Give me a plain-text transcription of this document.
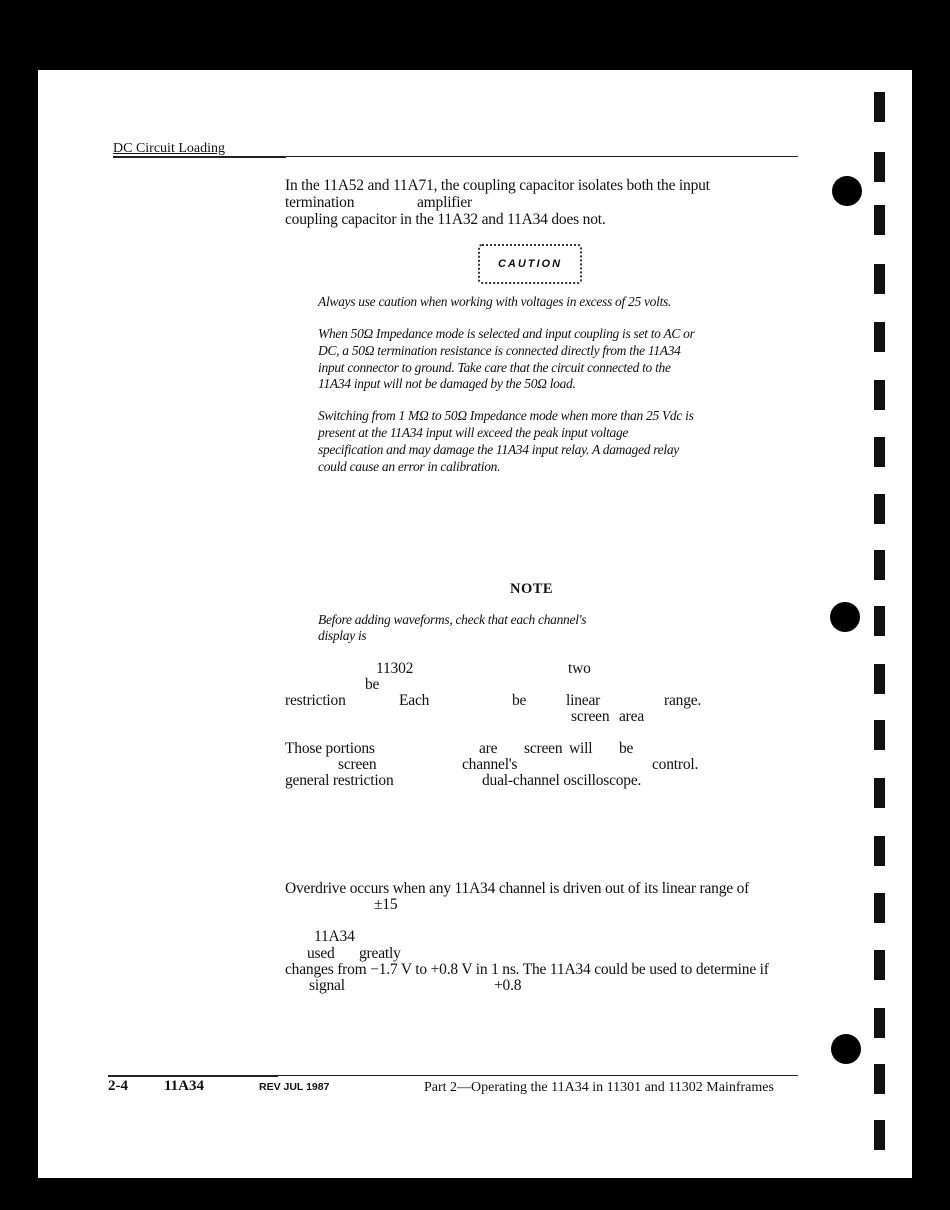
DC Circuit Loading
In the 11A52 and 11A71, the coupling capacitor isolates both the input
termination	amplifier
coupling capacitor in the 11A32 and 11A34 does not.
CAUTION
Always use caution when working with voltages in excess of 25 volts.
When 50Ω Impedance mode is selected and input coupling is set to AC or
DC, a 50Ω termination resistance is connected directly from the 11A34
input connector to ground. Take care that the circuit connected to the
11A34 input will not be damaged by the 50Ω load.
Switching from 1 MΩ to 50Ω Impedance mode when more than 25 Vdc is
present at the 11A34 input will exceed the peak input voltage
specification and may damage the 11A34 input relay. A damaged relay
could cause an error in calibration.
NOTE
Before adding waveforms, check that each channel's
display is
11302	two
be
restriction	Each	be	linear	range.
screen area
Those portions	are screen will be
screen	channel's	control.
general restriction	dual-channel oscilloscope.
Overdrive occurs when any 11A34 channel is driven out of its linear range of
±15
11A34
used greatly
changes from −1.7 V to +0.8 V in 1 ns. The 11A34 could be used to determine if
signal	+0.8
2-4 11A34	REV JUL 1987	Part 2—Operating the 11A34 in 11301 and 11302 Mainframes
